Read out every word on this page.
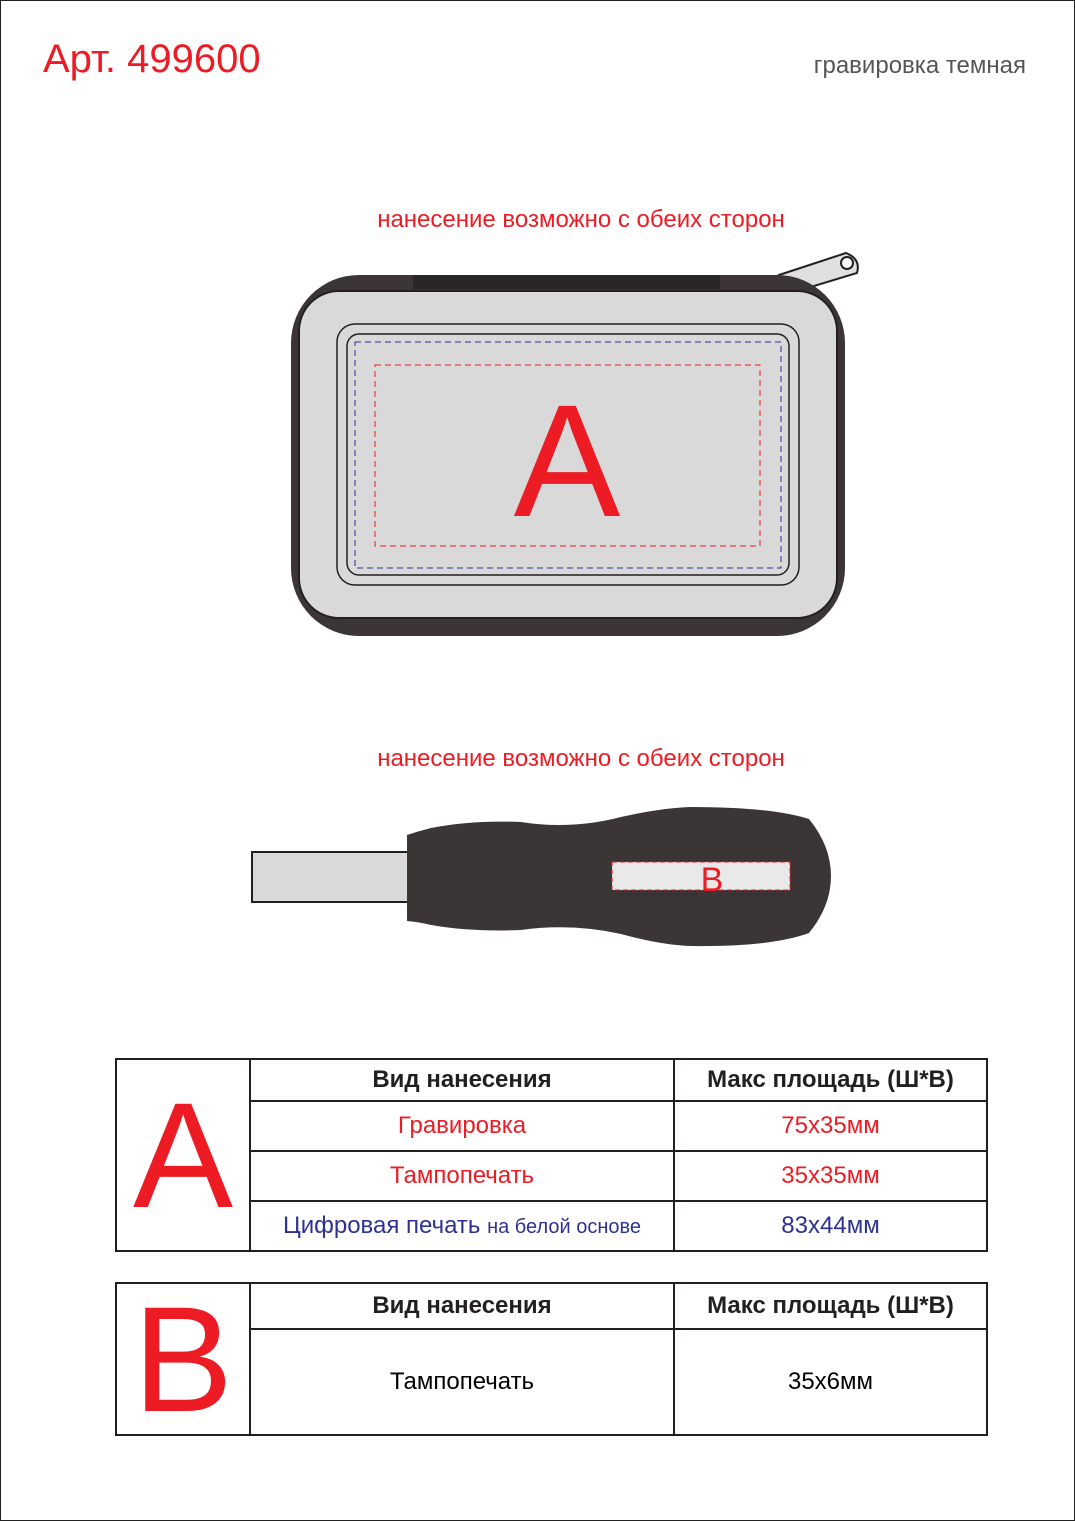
Арт. 499600	гравировка темная
нанесение возможно с обеих сторон
нанесение возможно с обеих сторон
A
B
A	Вид нанесения	Макс площадь (Ш*В)
	Гравировка	75х35мм
	Тампопечать	35х35мм
	Цифровая печать на белой основе	83х44мм
B	Вид нанесения	Макс площадь (Ш*В)
	Тампопечать	35х6мм
